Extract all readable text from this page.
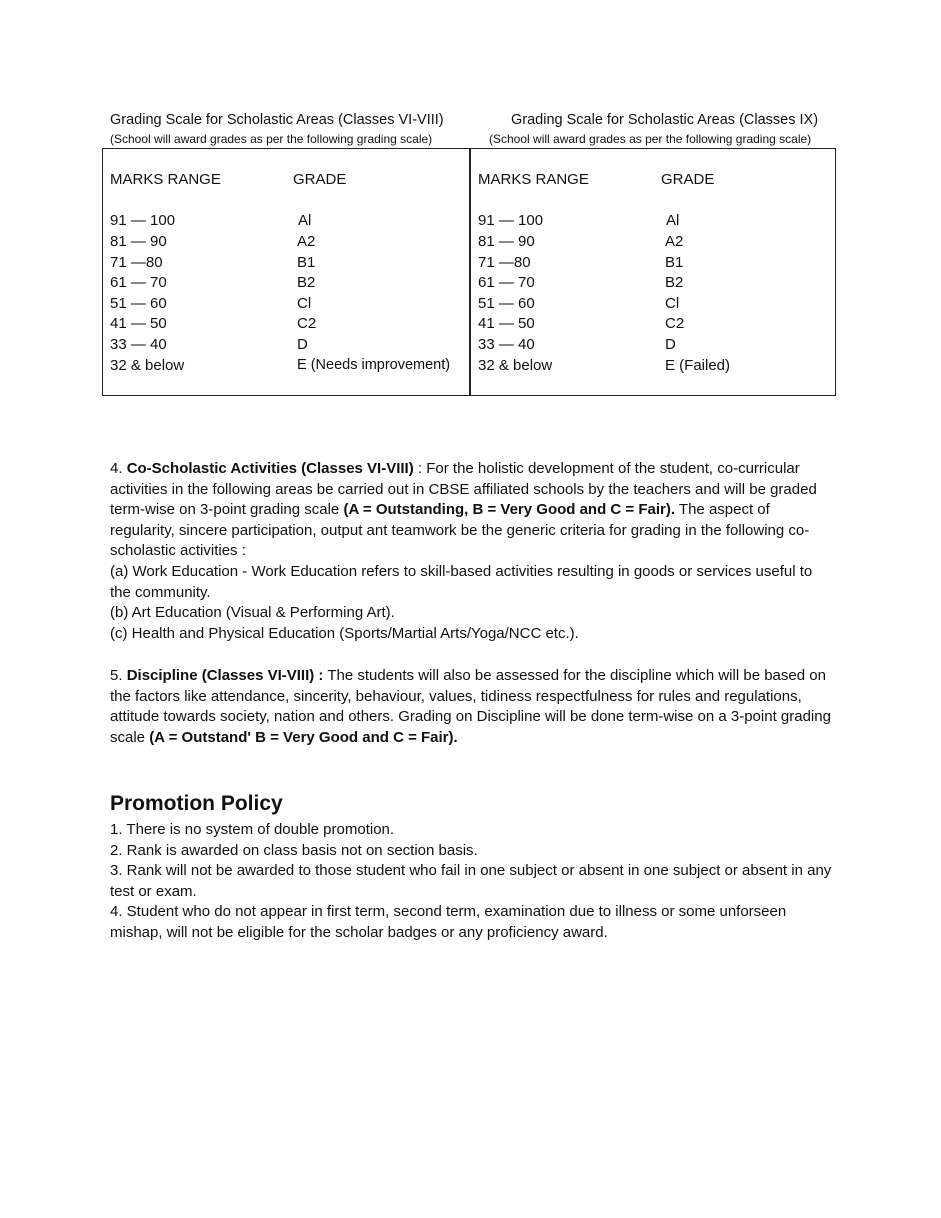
Grading Scale for Scholastic Areas (Classes VI-VIII)
(School will award grades as per the following grading scale)
Grading Scale for Scholastic Areas (Classes IX)
(School will award grades as per the following grading scale)
MARKS RANGE	GRADE
91 — 100	Al
81 — 90	A2
71 —80	B1
61 — 70	B2
51 — 60	Cl
41 — 50	C2
33 — 40	D
32 & below	E (Needs improvement)
MARKS RANGE	GRADE
91 — 100	Al
81 — 90	A2
71 —80	B1
61 — 70	B2
51 — 60	Cl
41 — 50	C2
33 — 40	D
32 & below	E (Failed)

4. Co-Scholastic Activities (Classes VI-VIII) : For the holistic development of the student, co-curricular activities in the following areas be carried out in CBSE affiliated schools by the teachers and will be graded term-wise on 3-point grading scale (A = Outstanding, B = Very Good and C = Fair). The aspect of regularity, sincere participation, output ant teamwork be the generic criteria for grading in the following co-scholastic activities :

(a) Work Education - Work Education refers to skill-based activities resulting in goods or services useful to the community.

(b) Art Education (Visual & Performing Art).

(c) Health and Physical Education (Sports/Martial Arts/Yoga/NCC etc.).

5. Discipline (Classes VI-VIII) : The students will also be assessed for the discipline which will be based on the factors like attendance, sincerity, behaviour, values, tidiness respectfulness for rules and regulations, attitude towards society, nation and others. Grading on Discipline will be done term-wise on a 3-point grading scale (A = Outstand' B = Very Good and C = Fair).

Promotion Policy

1. There is no system of double promotion.

2. Rank is awarded on class basis not on section basis.

3. Rank will not be awarded to those student who fail in one subject or absent in one subject or absent in any test or exam.

4. Student who do not appear in first term, second term, examination due to illness or some unforseen mishap, will not be eligible for the scholar badges or any proficiency award.
